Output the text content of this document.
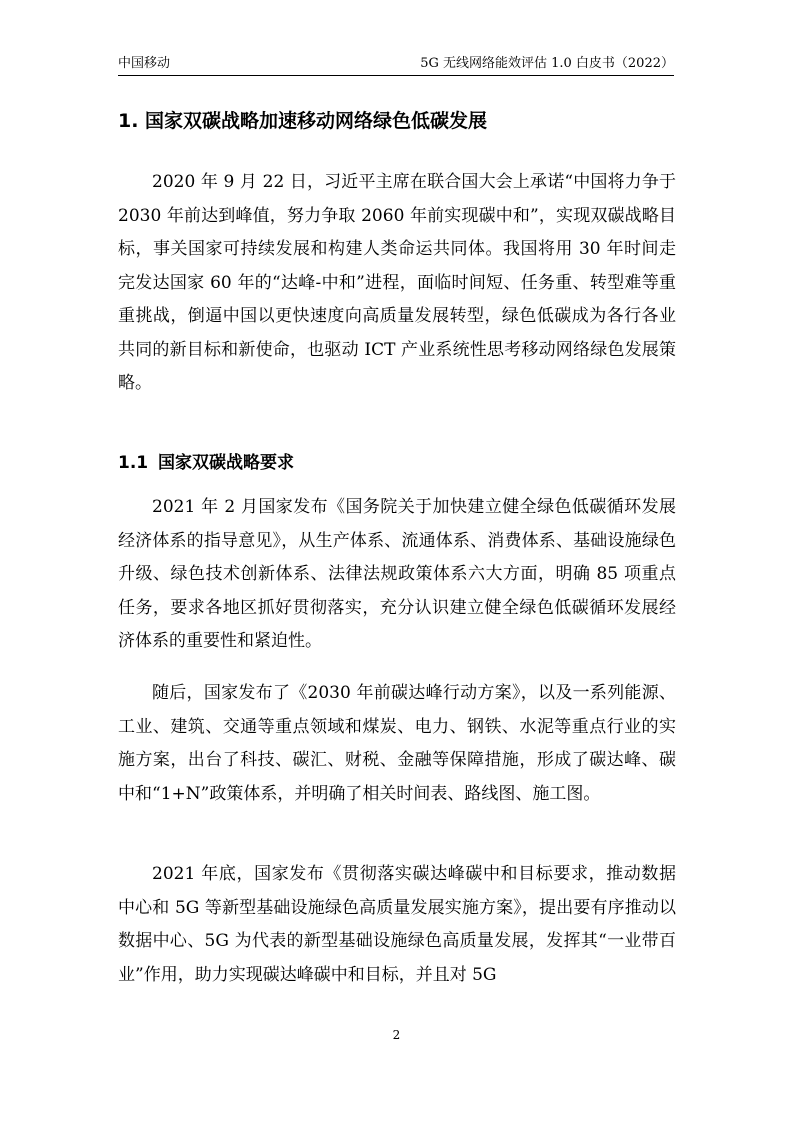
中国移动	5G 无线网络能效评估 1.0 白皮书（2022）
1. 国家双碳战略加速移动网络绿色低碳发展

2020 年 9 月 22 日，习近平主席在联合国大会上承诺“中国将力争于 2030 年前达到峰值，努力争取 2060 年前实现碳中和”，实现双碳战略目标，事关国家可持续发展和构建人类命运共同体。我国将用 30 年时间走完发达国家 60 年的“达峰-中和”进程，面临时间短、任务重、转型难等重重挑战，倒逼中国以更快速度向高质量发展转型，绿色低碳成为各行各业共同的新目标和新使命，也驱动 ICT 产业系统性思考移动网络绿色发展策略。

1.1 国家双碳战略要求

2021 年 2 月国家发布《国务院关于加快建立健全绿色低碳循环发展经济体系的指导意见》，从生产体系、流通体系、消费体系、基础设施绿色升级、绿色技术创新体系、法律法规政策体系六大方面，明确 85 项重点任务，要求各地区抓好贯彻落实，充分认识建立健全绿色低碳循环发展经济体系的重要性和紧迫性。

随后，国家发布了《2030 年前碳达峰行动方案》，以及一系列能源、工业、建筑、交通等重点领域和煤炭、电力、钢铁、水泥等重点行业的实施方案，出台了科技、碳汇、财税、金融等保障措施，形成了碳达峰、碳中和“1+N”政策体系，并明确了相关时间表、路线图、施工图。

2021 年底，国家发布《贯彻落实碳达峰碳中和目标要求，推动数据中心和 5G 等新型基础设施绿色高质量发展实施方案》，提出要有序推动以数据中心、5G 为代表的新型基础设施绿色高质量发展，发挥其“一业带百业”作用，助力实现碳达峰碳中和目标，并且对 5G

2
